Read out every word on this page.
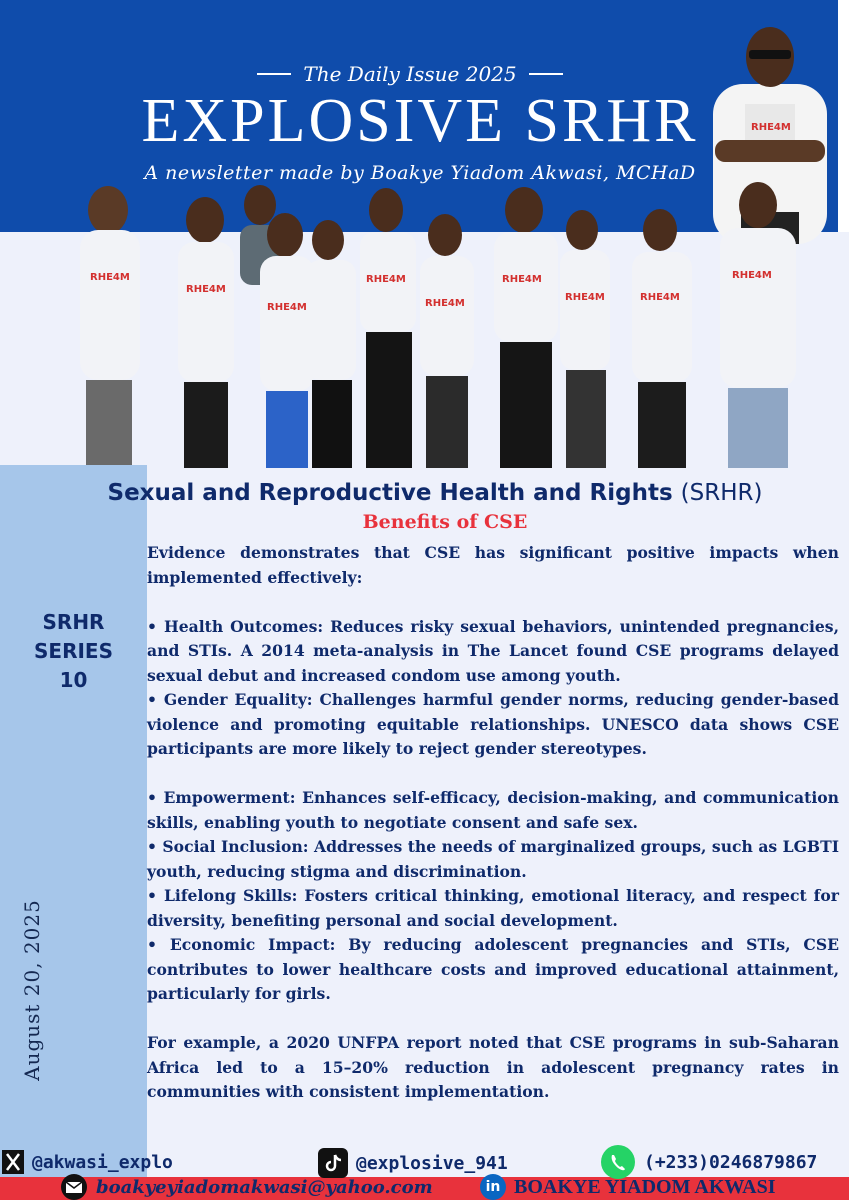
The Daily Issue 2025
EXPLOSIVE SRHR
A newsletter made by Boakye Yiadom Akwasi, MCHaD
RHE4M
RHE4M
RHE4M
RHE4M
RHE4M
RHE4M
RHE4M
RHE4M	RHE4M
RHE4M
SRHR
SERIES
10
August 20, 2025
Sexual and Reproductive Health and Rights (SRHR)
Benefits of CSE

Evidence demonstrates that CSE has significant positive impacts when implemented effectively:

• Health Outcomes: Reduces risky sexual behaviors, unintended pregnancies, and STIs. A 2014 meta-analysis in The Lancet found CSE programs delayed sexual debut and increased condom use among youth.

• Gender Equality: Challenges harmful gender norms, reducing gender-based violence and promoting equitable relationships. UNESCO data shows CSE participants are more likely to reject gender stereotypes.

• Empowerment: Enhances self-efficacy, decision-making, and communication skills, enabling youth to negotiate consent and safe sex.

• Social Inclusion: Addresses the needs of marginalized groups, such as LGBTI youth, reducing stigma and discrimination.

• Lifelong Skills: Fosters critical thinking, emotional literacy, and respect for diversity, benefiting personal and social development.

• Economic Impact: By reducing adolescent pregnancies and STIs, CSE contributes to lower healthcare costs and improved educational attainment, particularly for girls.

For example, a 2020 UNFPA report noted that CSE programs in sub-Saharan Africa led to a 15–20% reduction in adolescent pregnancy rates in communities with consistent implementation.

@akwasi_explo	@explosive_941	(+233)0246879867
boakyeyiadomakwasi@yahoo.com	in BOAKYE YIADOM AKWASI
